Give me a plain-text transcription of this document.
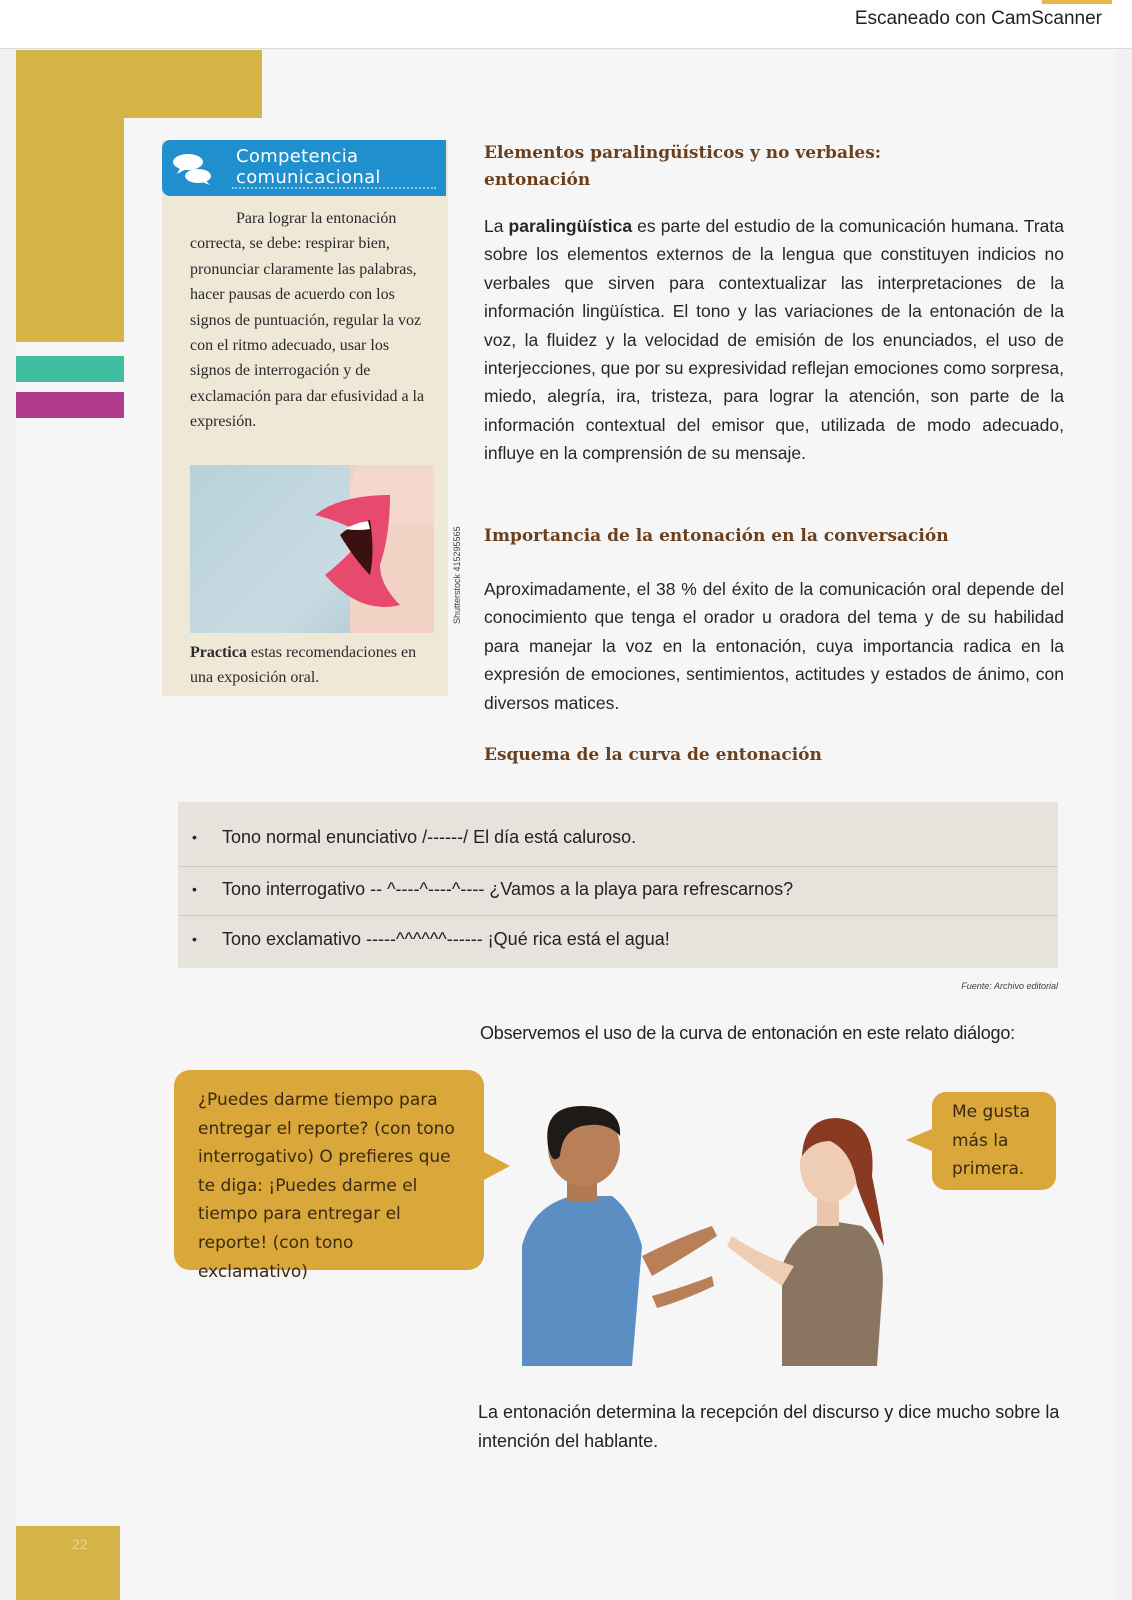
Escaneado con CamScanner
Competencia
comunicacional
Para lograr la entonación correcta, se debe: respirar bien, pronunciar claramente las palabras, hacer pausas de acuerdo con los signos de puntuación, regular la voz con el ritmo adecuado, usar los signos de interrogación y de exclamación para dar efusividad a la expresión.
Shutterstock 415295565
Practica estas recomendaciones en una exposición oral.
Elementos paralingüísticos y no verbales:
entonación
La paralingüística es parte del estudio de la comunicación humana. Trata sobre los elementos externos de la lengua que constituyen indicios no verbales que sirven para contextualizar las interpretaciones de la información lingüística. El tono y las variaciones de la entonación de la voz, la fluidez y la velocidad de emisión de los enunciados, el uso de interjecciones, que por su expresividad reflejan emociones como sorpresa, miedo, alegría, ira, tristeza, para lograr la atención, son parte de la información contextual del emisor que, utilizada de modo adecuado, influye en la comprensión de su mensaje.
Importancia de la entonación en la conversación
Aproximadamente, el 38 % del éxito de la comunicación oral depende del conocimiento que tenga el orador u oradora del tema y de su habilidad para manejar la voz en la entonación, cuya importancia radica en la expresión de emociones, sentimientos, actitudes y estados de ánimo, con diversos matices.
Esquema de la curva de entonación
• Tono normal enunciativo /------/ El día está caluroso.
• Tono interrogativo -- ^----^----^---- ¿Vamos a la playa para refrescarnos?
• Tono exclamativo -----^^^^^^------ ¡Qué rica está el agua!
Fuente: Archivo editorial
Observemos el uso de la curva de entonación en este relato diálogo:
¿Puedes darme tiempo para entregar el reporte? (con tono interrogativo) O prefieres que te diga: ¡Puedes darme el tiempo para entregar el reporte! (con tono exclamativo)
Me gusta más la primera.
La entonación determina la recepción del discurso y dice mucho sobre la intención del hablante.
22
